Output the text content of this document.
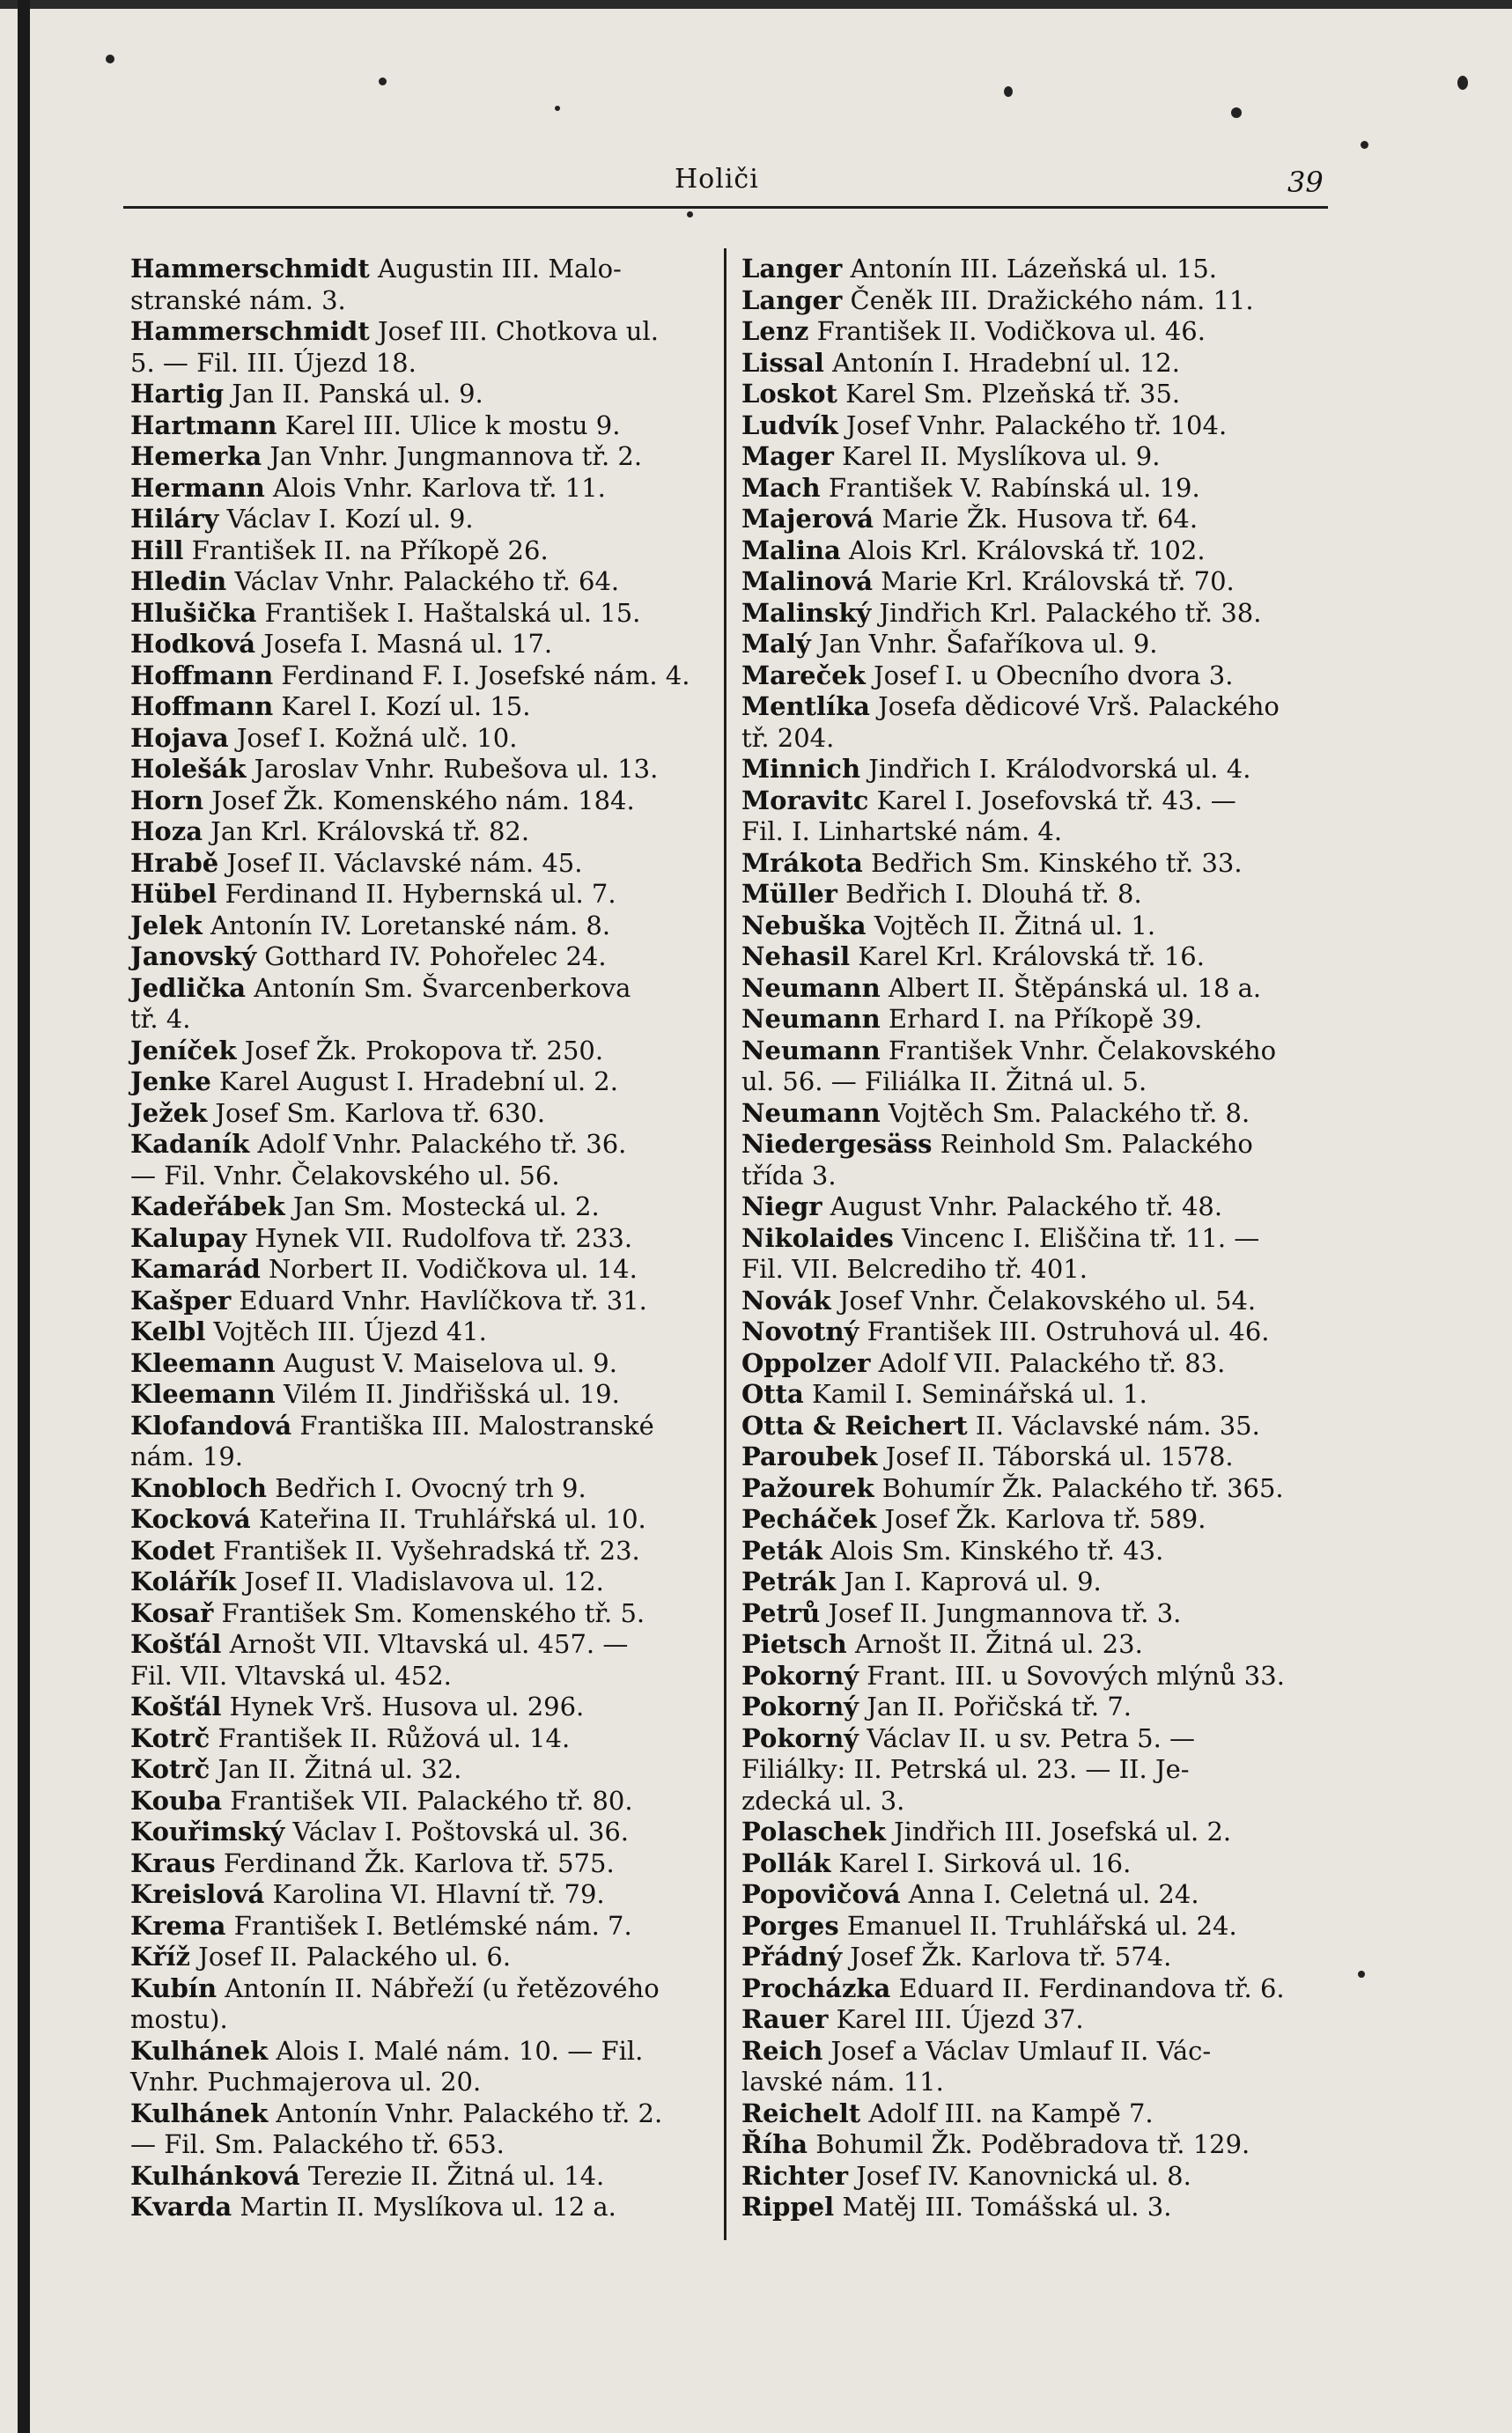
Holiči	39
Hammerschmidt Augustin III. Malo-
stranské nám. 3.
Hammerschmidt Josef III. Chotkova ul.
5. — Fil. III. Újezd 18.
Hartig Jan II. Panská ul. 9.
Hartmann Karel III. Ulice k mostu 9.
Hemerka Jan Vnhr. Jungmannova tř. 2.
Hermann Alois Vnhr. Karlova tř. 11.
Hiláry Václav I. Kozí ul. 9.
Hill František II. na Příkopě 26.
Hledin Václav Vnhr. Palackého tř. 64.
Hlušička František I. Haštalská ul. 15.
Hodková Josefa I. Masná ul. 17.
Hoffmann Ferdinand F. I. Josefské nám. 4.
Hoffmann Karel I. Kozí ul. 15.
Hojava Josef I. Kožná ulč. 10.
Holešák Jaroslav Vnhr. Rubešova ul. 13.
Horn Josef Žk. Komenského nám. 184.
Hoza Jan Krl. Královská tř. 82.
Hrabě Josef II. Václavské nám. 45.
Hübel Ferdinand II. Hybernská ul. 7.
Jelek Antonín IV. Loretanské nám. 8.
Janovský Gotthard IV. Pohořelec 24.
Jedlička Antonín Sm. Švarcenberkova
tř. 4.
Jeníček Josef Žk. Prokopova tř. 250.
Jenke Karel August I. Hradební ul. 2.
Ježek Josef Sm. Karlova tř. 630.
Kadaník Adolf Vnhr. Palackého tř. 36.
— Fil. Vnhr. Čelakovského ul. 56.
Kadeřábek Jan Sm. Mostecká ul. 2.
Kalupay Hynek VII. Rudolfova tř. 233.
Kamarád Norbert II. Vodičkova ul. 14.
Kašper Eduard Vnhr. Havlíčkova tř. 31.
Kelbl Vojtěch III. Újezd 41.
Kleemann August V. Maiselova ul. 9.
Kleemann Vilém II. Jindřišská ul. 19.
Klofandová Františka III. Malostranské
nám. 19.
Knobloch Bedřich I. Ovocný trh 9.
Kocková Kateřina II. Truhlářská ul. 10.
Kodet František II. Vyšehradská tř. 23.
Kolářík Josef II. Vladislavova ul. 12.
Kosař František Sm. Komenského tř. 5.
Košťál Arnošt VII. Vltavská ul. 457. —
Fil. VII. Vltavská ul. 452.
Košťál Hynek Vrš. Husova ul. 296.
Kotrč František II. Růžová ul. 14.
Kotrč Jan II. Žitná ul. 32.
Kouba František VII. Palackého tř. 80.
Kouřimský Václav I. Poštovská ul. 36.
Kraus Ferdinand Žk. Karlova tř. 575.
Kreislová Karolina VI. Hlavní tř. 79.
Krema František I. Betlémské nám. 7.
Kříž Josef II. Palackého ul. 6.
Kubín Antonín II. Nábřeží (u řetězového
mostu).
Kulhánek Alois I. Malé nám. 10. — Fil.
Vnhr. Puchmajerova ul. 20.
Kulhánek Antonín Vnhr. Palackého tř. 2.
— Fil. Sm. Palackého tř. 653.
Kulhánková Terezie II. Žitná ul. 14.
Kvarda Martin II. Myslíkova ul. 12 a.
Langer Antonín III. Lázeňská ul. 15.
Langer Čeněk III. Dražického nám. 11.
Lenz František II. Vodičkova ul. 46.
Lissal Antonín I. Hradební ul. 12.
Loskot Karel Sm. Plzeňská tř. 35.
Ludvík Josef Vnhr. Palackého tř. 104.
Mager Karel II. Myslíkova ul. 9.
Mach František V. Rabínská ul. 19.
Majerová Marie Žk. Husova tř. 64.
Malina Alois Krl. Královská tř. 102.
Malinová Marie Krl. Královská tř. 70.
Malinský Jindřich Krl. Palackého tř. 38.
Malý Jan Vnhr. Šafaříkova ul. 9.
Mareček Josef I. u Obecního dvora 3.
Mentlíka Josefa dědicové Vrš. Palackého
tř. 204.
Minnich Jindřich I. Králodvorská ul. 4.
Moravitc Karel I. Josefovská tř. 43. —
Fil. I. Linhartské nám. 4.
Mrákota Bedřich Sm. Kinského tř. 33.
Müller Bedřich I. Dlouhá tř. 8.
Nebuška Vojtěch II. Žitná ul. 1.
Nehasil Karel Krl. Královská tř. 16.
Neumann Albert II. Štěpánská ul. 18 a.
Neumann Erhard I. na Příkopě 39.
Neumann František Vnhr. Čelakovského
ul. 56. — Filiálka II. Žitná ul. 5.
Neumann Vojtěch Sm. Palackého tř. 8.
Niedergesäss Reinhold Sm. Palackého
třída 3.
Niegr August Vnhr. Palackého tř. 48.
Nikolaides Vincenc I. Eliščina tř. 11. —
Fil. VII. Belcrediho tř. 401.
Novák Josef Vnhr. Čelakovského ul. 54.
Novotný František III. Ostruhová ul. 46.
Oppolzer Adolf VII. Palackého tř. 83.
Otta Kamil I. Seminářská ul. 1.
Otta & Reichert II. Václavské nám. 35.
Paroubek Josef II. Táborská ul. 1578.
Pažourek Bohumír Žk. Palackého tř. 365.
Pecháček Josef Žk. Karlova tř. 589.
Peták Alois Sm. Kinského tř. 43.
Petrák Jan I. Kaprová ul. 9.
Petrů Josef II. Jungmannova tř. 3.
Pietsch Arnošt II. Žitná ul. 23.
Pokorný Frant. III. u Sovových mlýnů 33.
Pokorný Jan II. Pořičská tř. 7.
Pokorný Václav II. u sv. Petra 5. —
Filiálky: II. Petrská ul. 23. — II. Je-
zdecká ul. 3.
Polaschek Jindřich III. Josefská ul. 2.
Pollák Karel I. Sirková ul. 16.
Popovičová Anna I. Celetná ul. 24.
Porges Emanuel II. Truhlářská ul. 24.
Přádný Josef Žk. Karlova tř. 574.
Procházka Eduard II. Ferdinandova tř. 6.
Rauer Karel III. Újezd 37.
Reich Josef a Václav Umlauf II. Vác-
lavské nám. 11.
Reichelt Adolf III. na Kampě 7.
Říha Bohumil Žk. Poděbradova tř. 129.
Richter Josef IV. Kanovnická ul. 8.
Rippel Matěj III. Tomášská ul. 3.
